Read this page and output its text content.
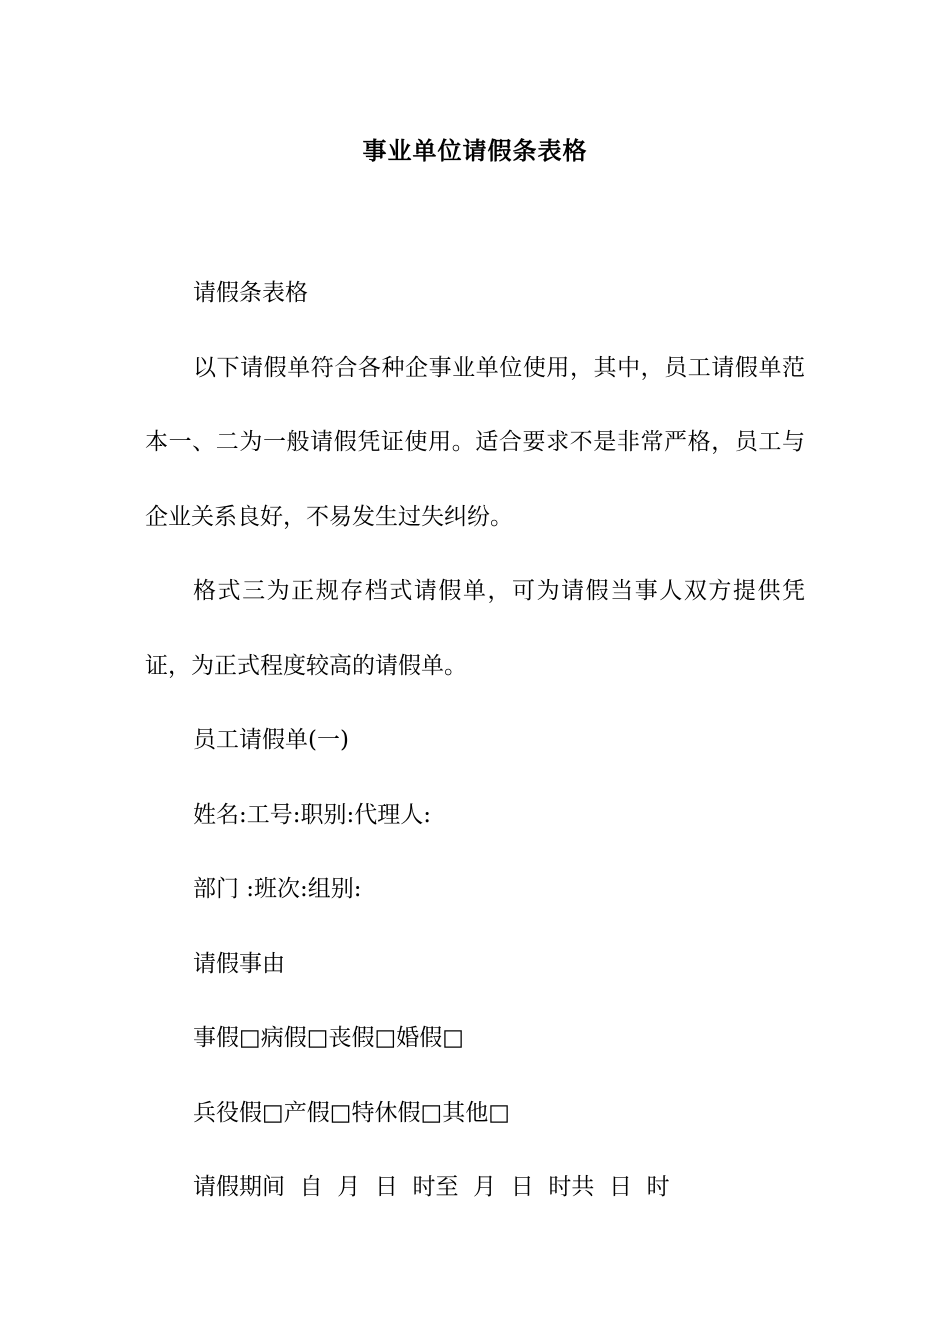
事业单位请假条表格

请假条表格

以下请假单符合各种企事业单位使用，其中，员工请假单范本一、二为一般请假凭证使用。适合要求不是非常严格，员工与企业关系良好，不易发生过失纠纷。

格式三为正规存档式请假单，可为请假当事人双方提供凭证，为正式程度较高的请假单。

员工请假单(一)

姓名:工号:职别:代理人:

部门 :班次:组别:

请假事由

事假□病假□丧假□婚假□

兵役假□产假□特休假□其他□

请假期间  自  月  日  时至  月  日  时共  日  时
